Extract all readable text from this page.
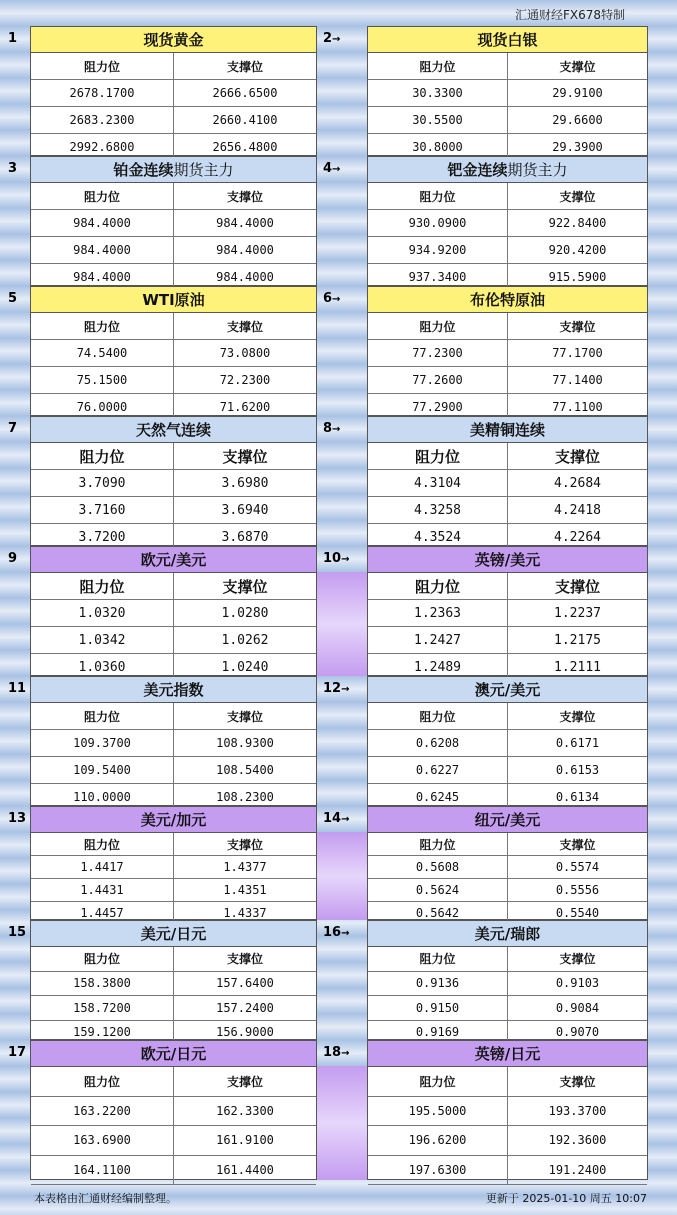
汇通财经FX678特制
1	现货黄金
阻力位	支撑位
2678.1700	2666.6500
2683.2300	2660.4100
2992.6800	2656.4800
2→	现货白银
阻力位	支撑位
30.3300	29.9100
30.5500	29.6600
30.8000	29.3900
3	铂金连续期货主力
阻力位	支撑位
984.4000	984.4000
984.4000	984.4000
984.4000	984.4000
4→	钯金连续期货主力
阻力位	支撑位
930.0900	922.8400
934.9200	920.4200
937.3400	915.5900
5	WTI原油
阻力位	支撑位
74.5400	73.0800
75.1500	72.2300
76.0000	71.6200
6→	布伦特原油
阻力位	支撑位
77.2300	77.1700
77.2600	77.1400
77.2900	77.1100
7	天然气连续
阻力位	支撑位
3.7090	3.6980
3.7160	3.6940
3.7200	3.6870
8→	美精铜连续
阻力位	支撑位
4.3104	4.2684
4.3258	4.2418
4.3524	4.2264
9	欧元/美元
阻力位	支撑位
1.0320	1.0280
1.0342	1.0262
1.0360	1.0240
10→	英镑/美元
阻力位	支撑位
1.2363	1.2237
1.2427	1.2175
1.2489	1.2111
11	美元指数
阻力位	支撑位
109.3700	108.9300
109.5400	108.5400
110.0000	108.2300
12→	澳元/美元
阻力位	支撑位
0.6208	0.6171
0.6227	0.6153
0.6245	0.6134
13	美元/加元
阻力位	支撑位
1.4417	1.4377
1.4431	1.4351
1.4457	1.4337
14→	纽元/美元
阻力位	支撑位
0.5608	0.5574
0.5624	0.5556
0.5642	0.5540
15	美元/日元
阻力位	支撑位
158.3800	157.6400
158.7200	157.2400
159.1200	156.9000
16→	美元/瑞郎
阻力位	支撑位
0.9136	0.9103
0.9150	0.9084
0.9169	0.9070
17	欧元/日元
阻力位	支撑位
163.2200	162.3300
163.6900	161.9100
164.1100	161.4400
18→	英镑/日元
阻力位	支撑位
195.5000	193.3700
196.6200	192.3600
197.6300	191.2400
本表格由汇通财经编制整理。	更新于 2025-01-10 周五 10:07
